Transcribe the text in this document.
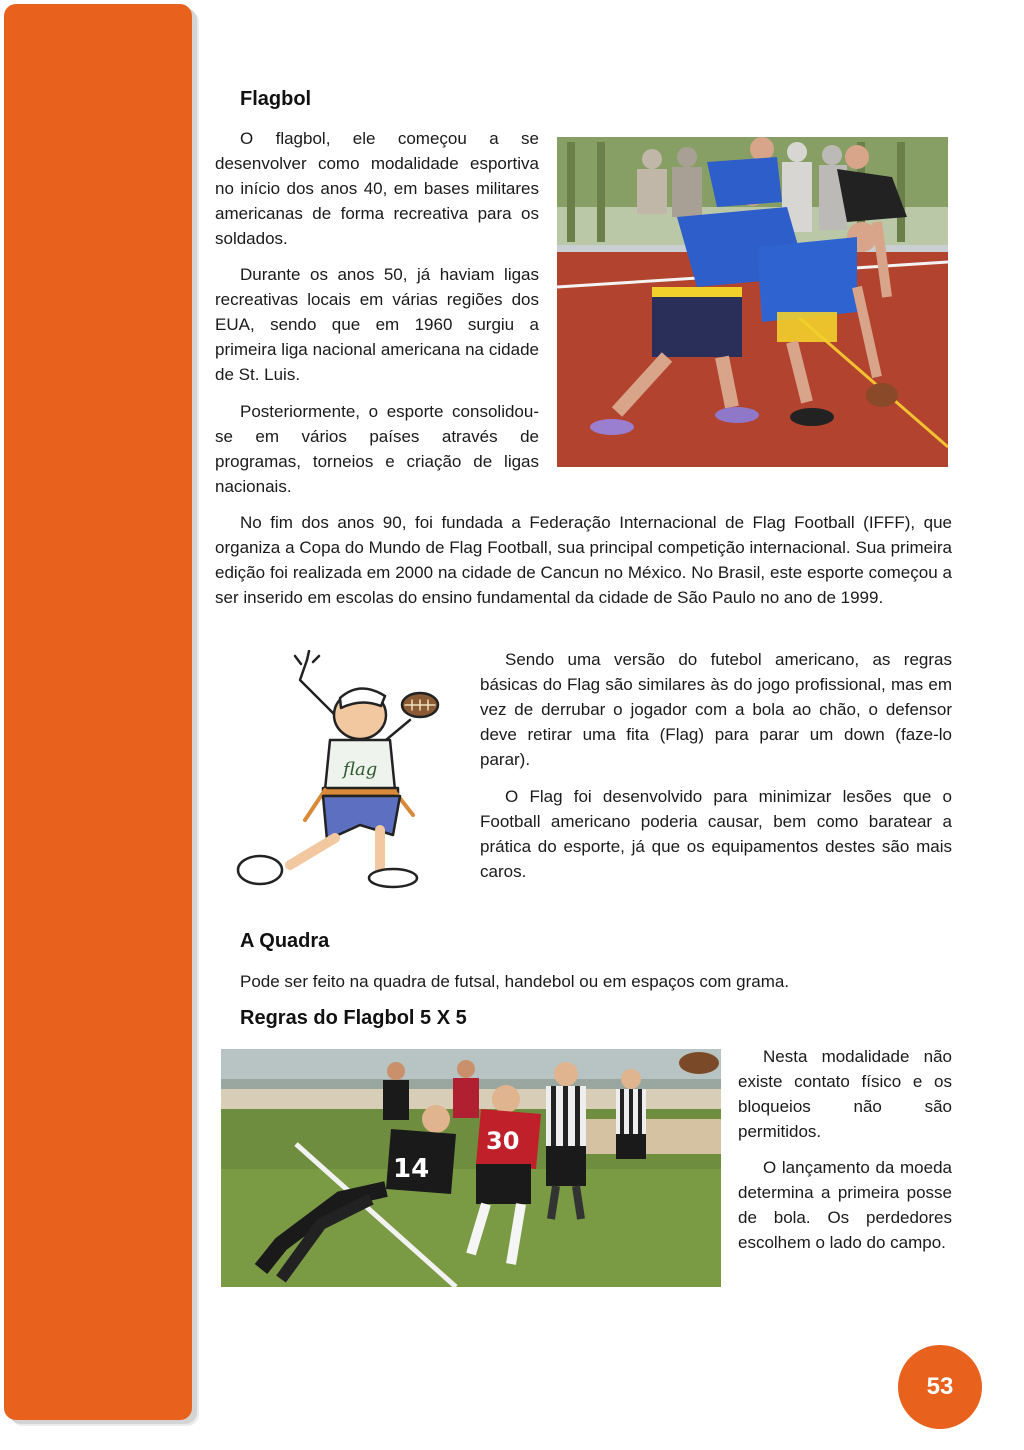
Flagbol

O flagbol, ele começou a se desenvolver como modalidade esportiva no início dos anos 40, em bases militares americanas de forma recreativa para os soldados.

Durante os anos 50, já haviam ligas recreativas locais em várias regiões dos EUA, sendo que em 1960 surgiu a primeira liga nacional americana na cidade de St. Luis.

Posteriormente, o esporte consolidou-se em vários países através de programas, torneios e criação de ligas nacionais.

No fim dos anos 90, foi fundada a Federação Internacional de Flag Football (IFFF), que organiza a Copa do Mundo de Flag Football, sua principal competição internacional. Sua primeira edição foi realizada em 2000 na cidade de Cancun no México. No Brasil, este esporte começou a ser inserido em escolas do ensino fundamental da cidade de São Paulo no ano de 1999.

flag

Sendo uma versão do futebol americano, as regras básicas do Flag são similares às do jogo profissional, mas em vez de derrubar o jogador com a bola ao chão, o defensor deve retirar uma fita (Flag) para parar um down (faze-lo parar).

O Flag foi desenvolvido para minimizar lesões que o Football americano poderia causar, bem como baratear a prática do esporte, já que os equipamentos destes são mais caros.

A Quadra

Pode ser feito na quadra de futsal, handebol ou em espaços com grama.

Regras do Flagbol 5 X 5
30
14

Nesta modalidade não existe contato físico e os bloqueios não são permitidos.

O lançamento da moeda determina a primeira posse de bola. Os perdedores escolhem o lado do campo.

53
